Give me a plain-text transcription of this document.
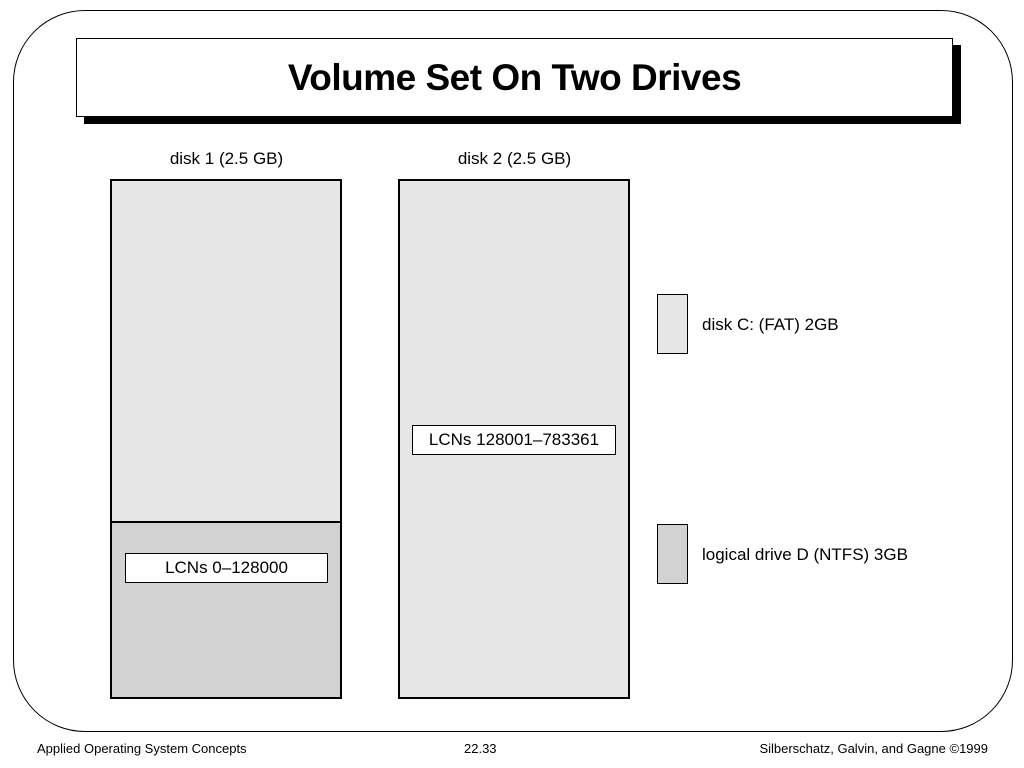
Volume Set On Two Drives
disk 1 (2.5 GB)
LCNs 0–128000
disk 2 (2.5 GB)
LCNs 128001–783361
disk C: (FAT) 2GB
logical drive D (NTFS) 3GB
Applied Operating System Concepts	22.33	Silberschatz, Galvin, and Gagne ©1999
